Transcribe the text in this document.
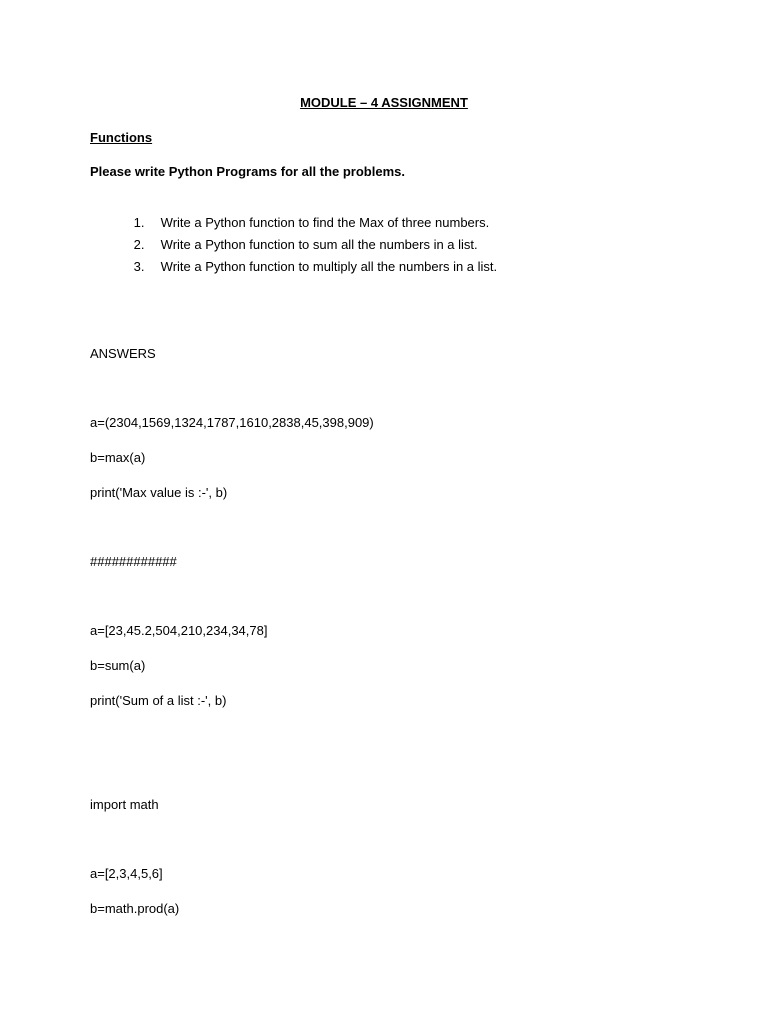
MODULE – 4 ASSIGNMENT
Functions
Please write Python Programs for all the problems.

1. Write a Python function to find the Max of three numbers.

2. Write a Python function to sum all the numbers in a list.

3. Write a Python function to multiply all the numbers in a list.

ANSWERS
a=(2304,1569,1324,1787,1610,2838,45,398,909)
b=max(a)
print('Max value is :-', b)
############
a=[23,45.2,504,210,234,34,78]
b=sum(a)
print('Sum of a list :-', b)
import math
a=[2,3,4,5,6]
b=math.prod(a)
